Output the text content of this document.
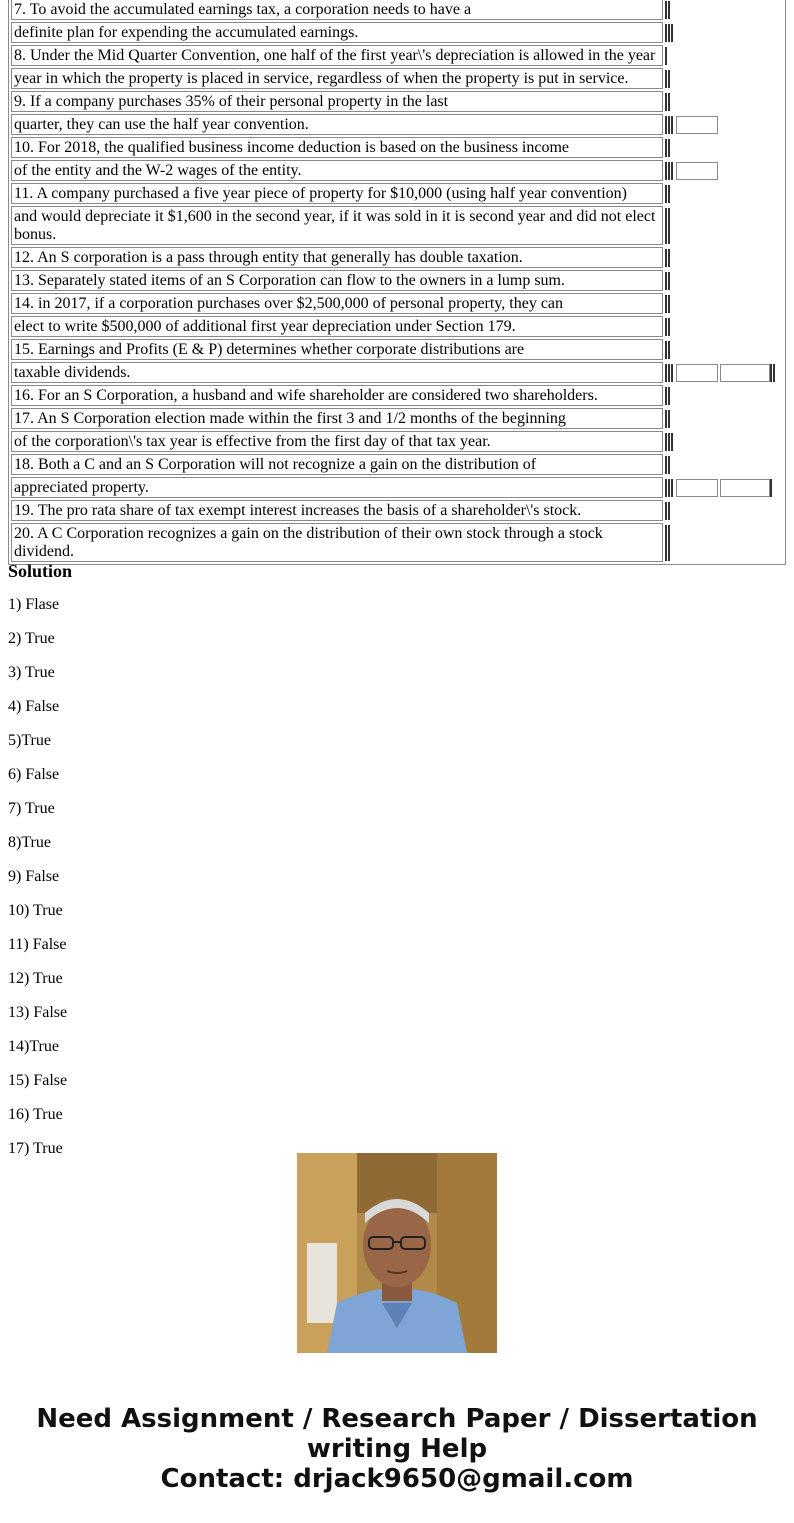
7. To avoid the accumulated earnings tax, a corporation needs to have a
definite plan for expending the accumulated earnings.
8. Under the Mid Quarter Convention, one half of the first year\'s depreciation is allowed in the year
year in which the property is placed in service, regardless of when the property is put in service.
9. If a company purchases 35% of their personal property in the last
quarter, they can use the half year convention.
10. For 2018, the qualified business income deduction is based on the business income
of the entity and the W-2 wages of the entity.
11. A company purchased a five year piece of property for $10,000 (using half year convention)
and would depreciate it $1,600 in the second year, if it was sold in it is second year and did not elect bonus.
12. An S corporation is a pass through entity that generally has double taxation.
13. Separately stated items of an S Corporation can flow to the owners in a lump sum.
14. in 2017, if a corporation purchases over $2,500,000 of personal property, they can
elect to write $500,000 of additional first year depreciation under Section 179.
15. Earnings and Profits (E & P) determines whether corporate distributions are
taxable dividends.
16. For an S Corporation, a husband and wife shareholder are considered two shareholders.
17. An S Corporation election made within the first 3 and 1/2 months of the beginning
of the corporation\'s tax year is effective from the first day of that tax year.
18. Both a C and an S Corporation will not recognize a gain on the distribution of
appreciated property.
19. The pro rata share of tax exempt interest increases the basis of a shareholder\'s stock.
20. A C Corporation recognizes a gain on the distribution of their own stock through a stock dividend.
Solution
1) Flase
2) True
3) True
4) False
5)True
6) False
7) True
8)True
9) False
10) True
11) False
12) True
13) False
14)True
15) False
16) True
17) True
Need Assignment / Research Paper / Dissertation
writing Help
Contact: drjack9650@gmail.com
